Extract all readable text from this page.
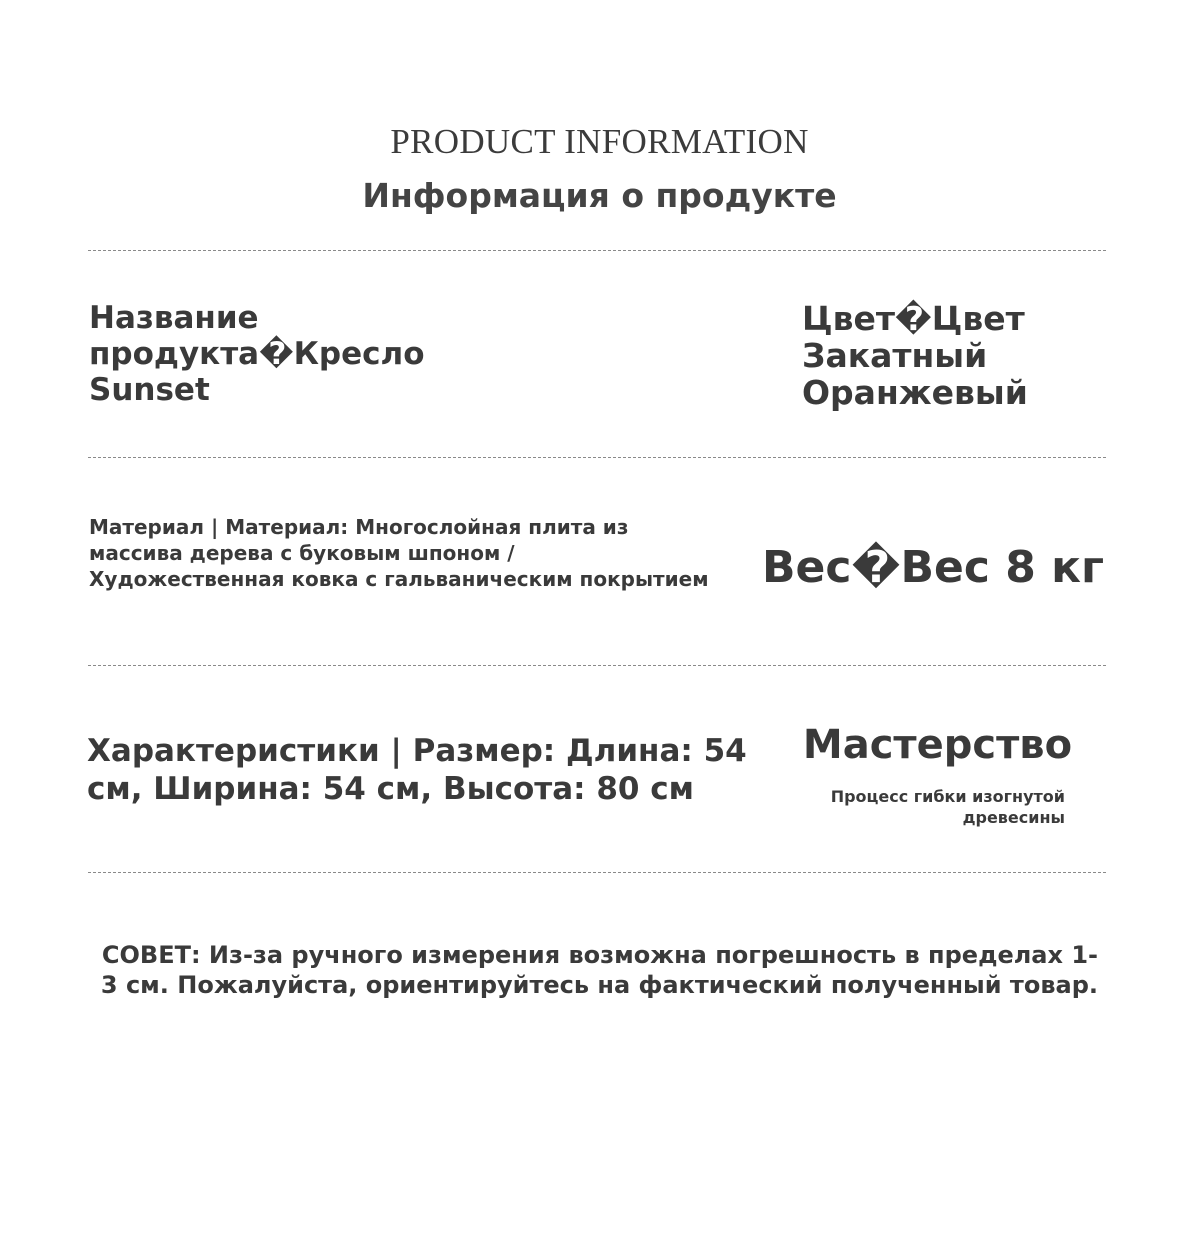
PRODUCT INFORMATION
Информация о продукте
Название продукта�Кресло Sunset
Цвет�Цвет Закатный Оранжевый
Материал | Материал: Многослойная плита из массива дерева с буковым шпоном / Художественная ковка с гальваническим покрытием Вес�Вес 8 кг
Характеристики | Размер: Длина: 54 см, Ширина: 54 см, Высота: 80 см
Мастерство
Процесс гибки изогнутой древесины
СОВЕТ: Из-за ручного измерения возможна погрешность в пределах 1-3 см. Пожалуйста, ориентируйтесь на фактический полученный товар.
